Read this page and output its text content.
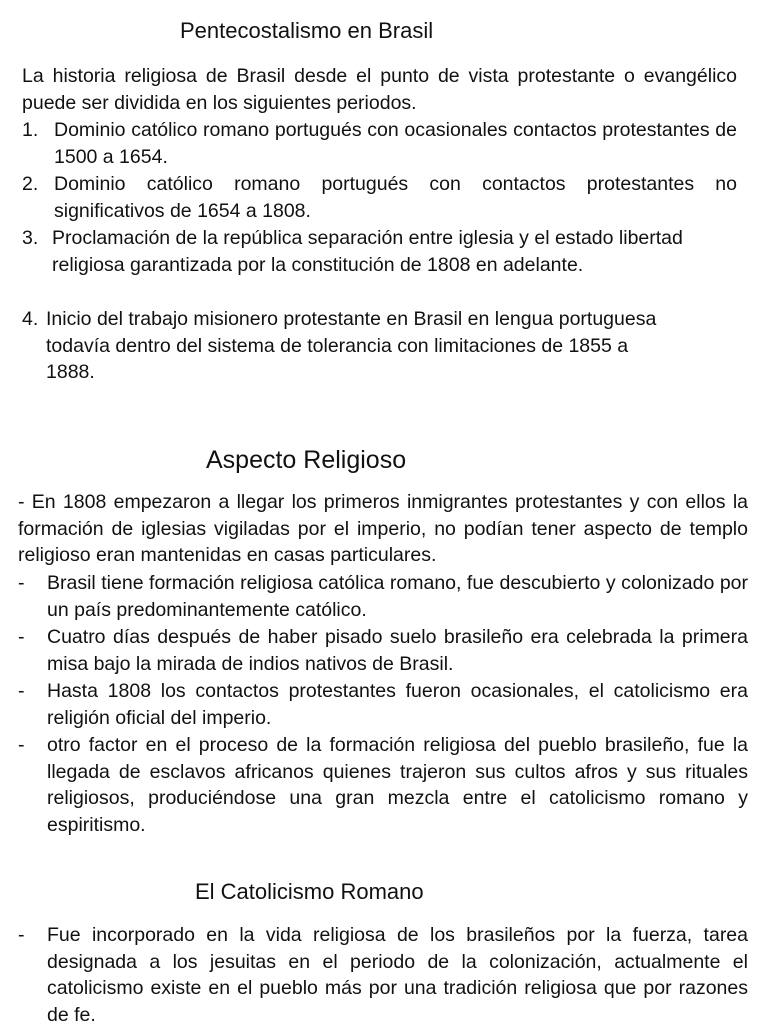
Pentecostalismo en Brasil

La historia religiosa de Brasil desde el punto de vista protestante o evangélico puede ser dividida en los siguientes periodos.

1. Dominio católico romano portugués con ocasionales contactos protestantes de 1500 a 1654.
2. Dominio católico romano portugués con contactos protestantes no significativos de 1654 a 1808.
3. Proclamación de la república separación entre iglesia y el estado libertad religiosa garantizada por la constitución de 1808 en adelante.
4. Inicio del trabajo misionero protestante en Brasil en lengua portuguesa todavía dentro del sistema de tolerancia con limitaciones de 1855 a 1888.
Aspecto Religioso

- En 1808 empezaron a llegar los primeros inmigrantes protestantes y con ellos la formación de iglesias vigiladas por el imperio, no podían tener aspecto de templo religioso eran mantenidas en casas particulares.

- Brasil tiene formación religiosa católica romano, fue descubierto y colonizado por un país predominantemente católico.
- Cuatro días después de haber pisado suelo brasileño era celebrada la primera misa bajo la mirada de indios nativos de Brasil.
- Hasta 1808 los contactos protestantes fueron ocasionales, el catolicismo era religión oficial del imperio.
- otro factor en el proceso de la formación religiosa del pueblo brasileño, fue la llegada de esclavos africanos quienes trajeron sus cultos afros y sus rituales religiosos, produciéndose una gran mezcla entre el catolicismo romano y espiritismo.
El Catolicismo Romano
- Fue incorporado en la vida religiosa de los brasileños por la fuerza, tarea designada a los jesuitas en el periodo de la colonización, actualmente el catolicismo existe en el pueblo más por una tradición religiosa que por razones de fe.
